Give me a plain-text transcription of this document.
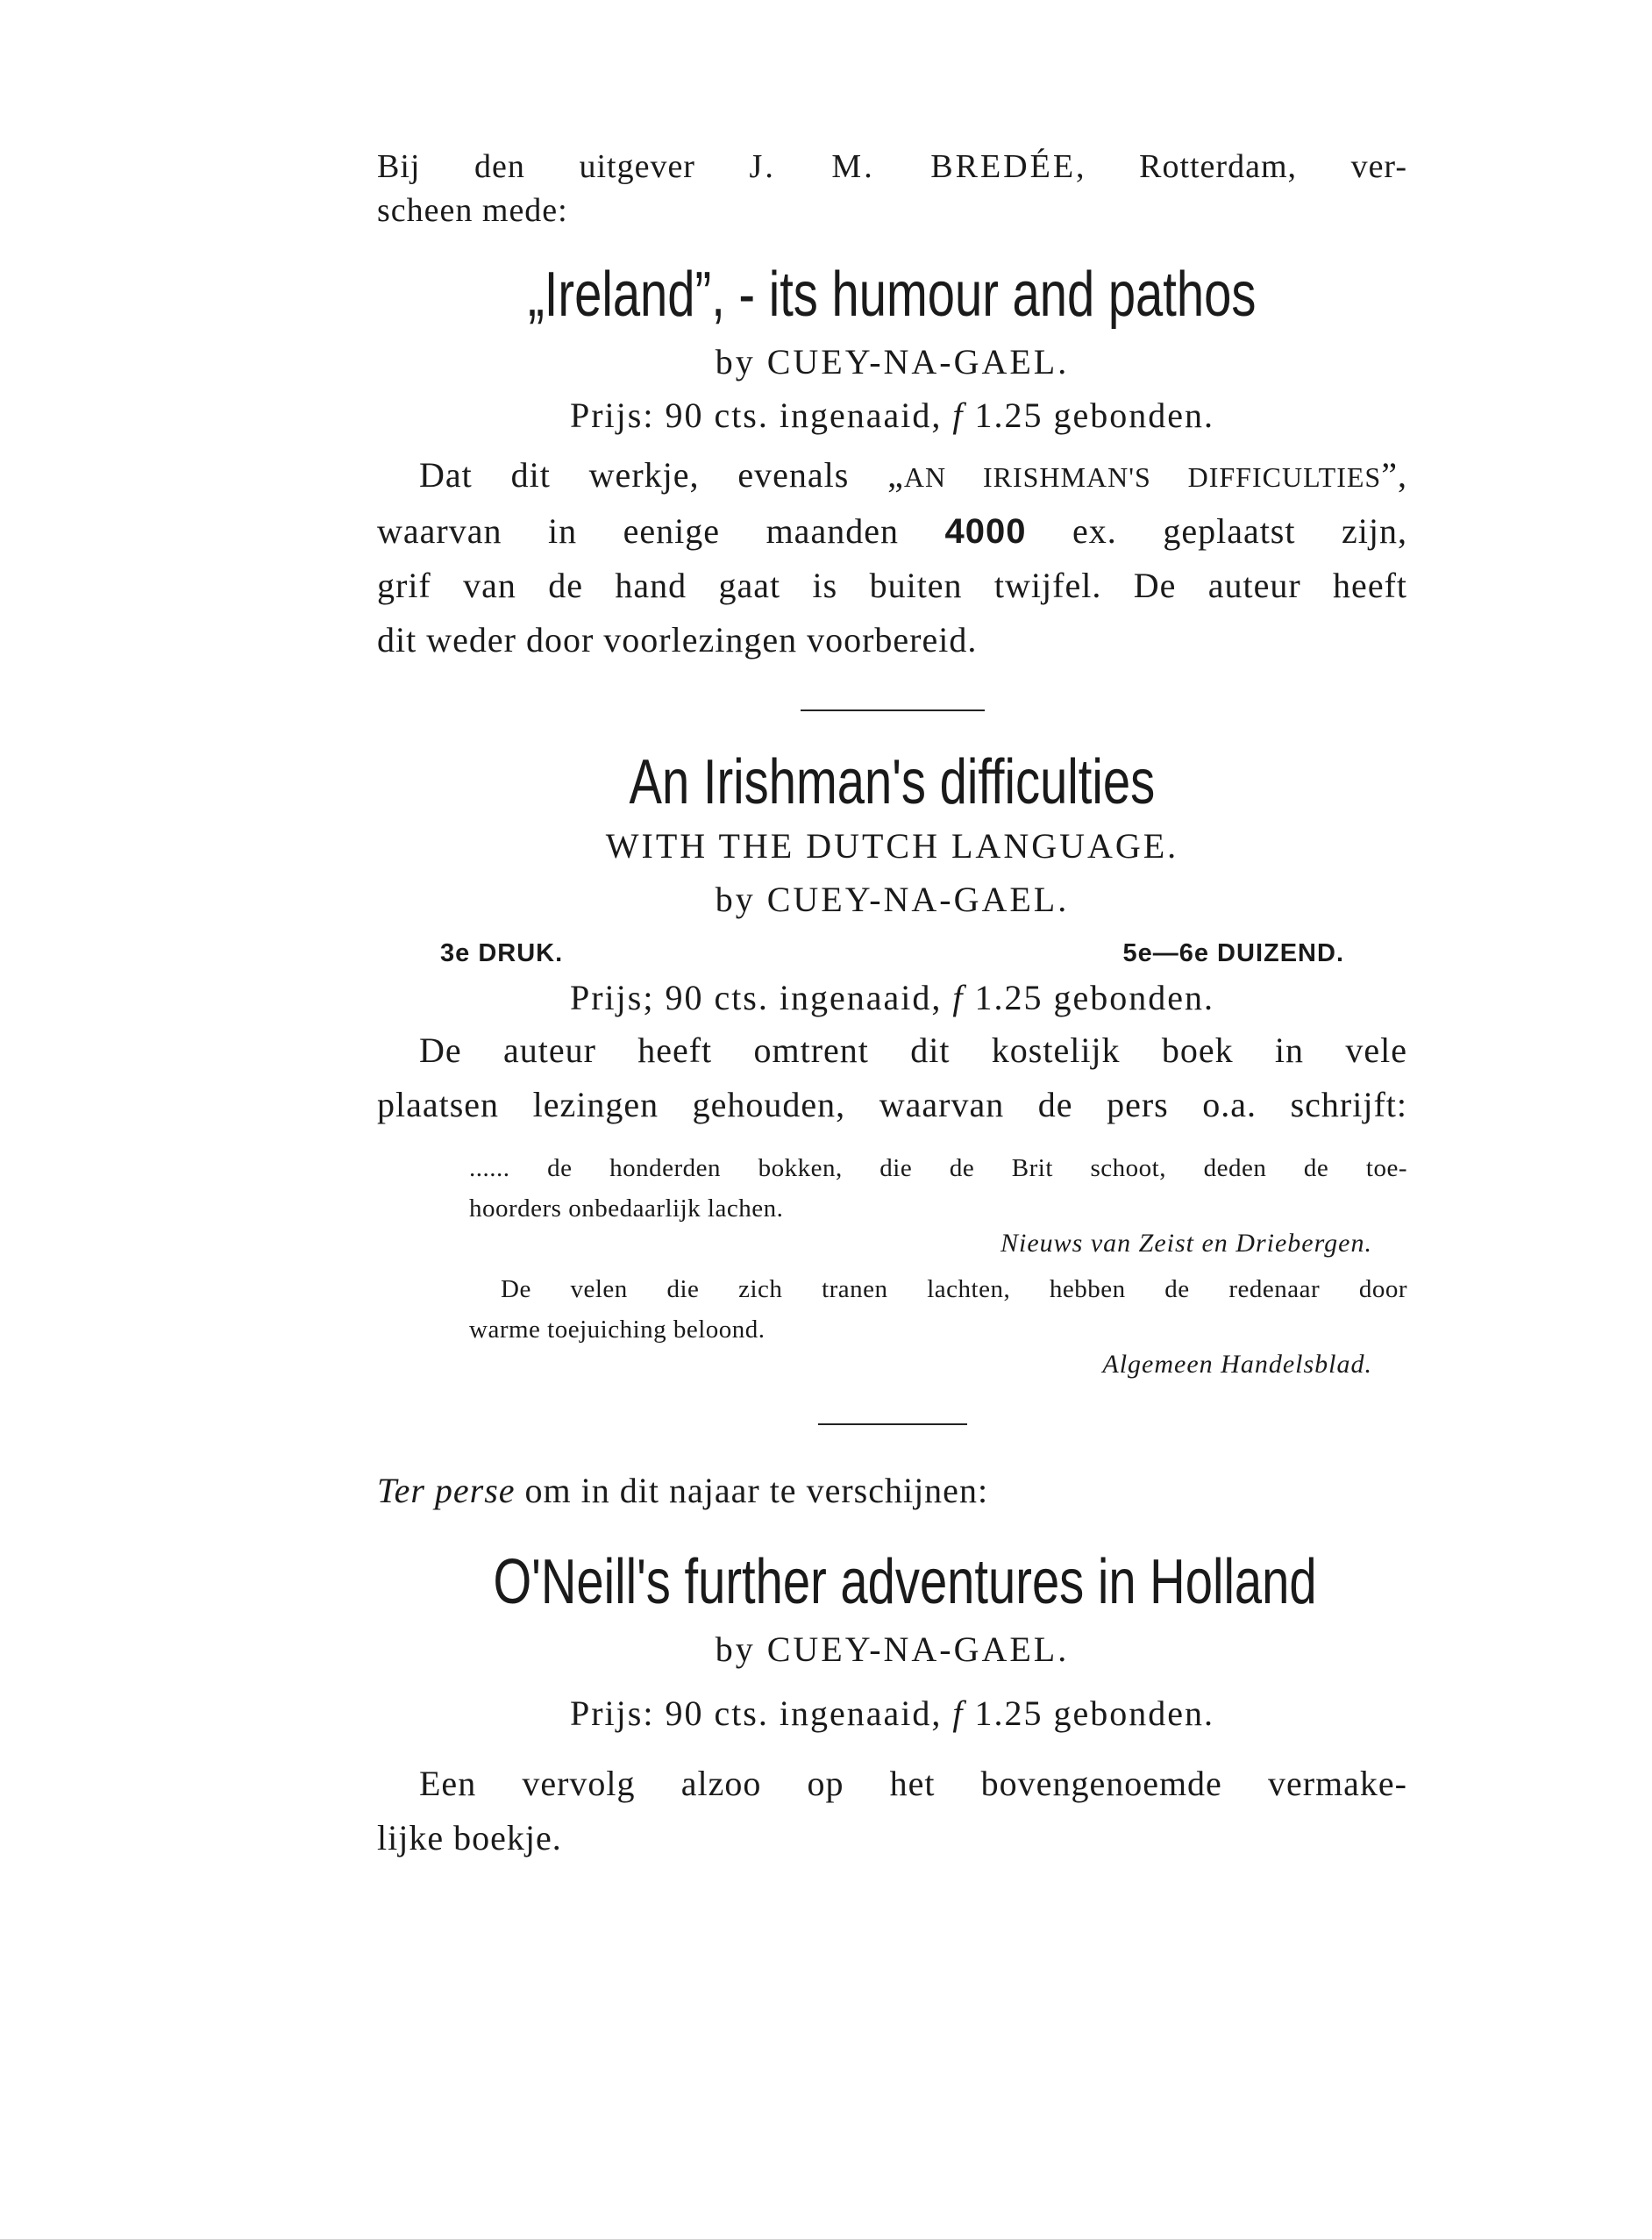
Bij den uitgever J. M. BREDÉE, Rotterdam, ver-
scheen mede:
„Ireland”, - its humour and pathos
by CUEY-NA-GAEL.
Prijs: 90 cts. ingenaaid, f 1.25 gebonden.
Dat dit werkje, evenals „AN IRISHMAN'S DIFFICULTIES”,
waarvan in eenige maanden 4000 ex. geplaatst zijn,
grif van de hand gaat is buiten twijfel. De auteur heeft
dit weder door voorlezingen voorbereid.
An Irishman's difficulties
WITH THE DUTCH LANGUAGE.
by CUEY-NA-GAEL.
3e DRUK.	5e—6e DUIZEND.
Prijs; 90 cts. ingenaaid, f 1.25 gebonden.
De auteur heeft omtrent dit kostelijk boek in vele
plaatsen lezingen gehouden, waarvan de pers o.a. schrijft:
...... de honderden bokken, die de Brit schoot, deden de toe-
hoorders onbedaarlijk lachen.
Nieuws van Zeist en Driebergen.
De velen die zich tranen lachten, hebben de redenaar door
warme toejuiching beloond.
Algemeen Handelsblad.
Ter perse om in dit najaar te verschijnen:
O'Neill's further adventures in Holland
by CUEY-NA-GAEL.
Prijs: 90 cts. ingenaaid, f 1.25 gebonden.
Een vervolg alzoo op het bovengenoemde vermake-
lijke boekje.
